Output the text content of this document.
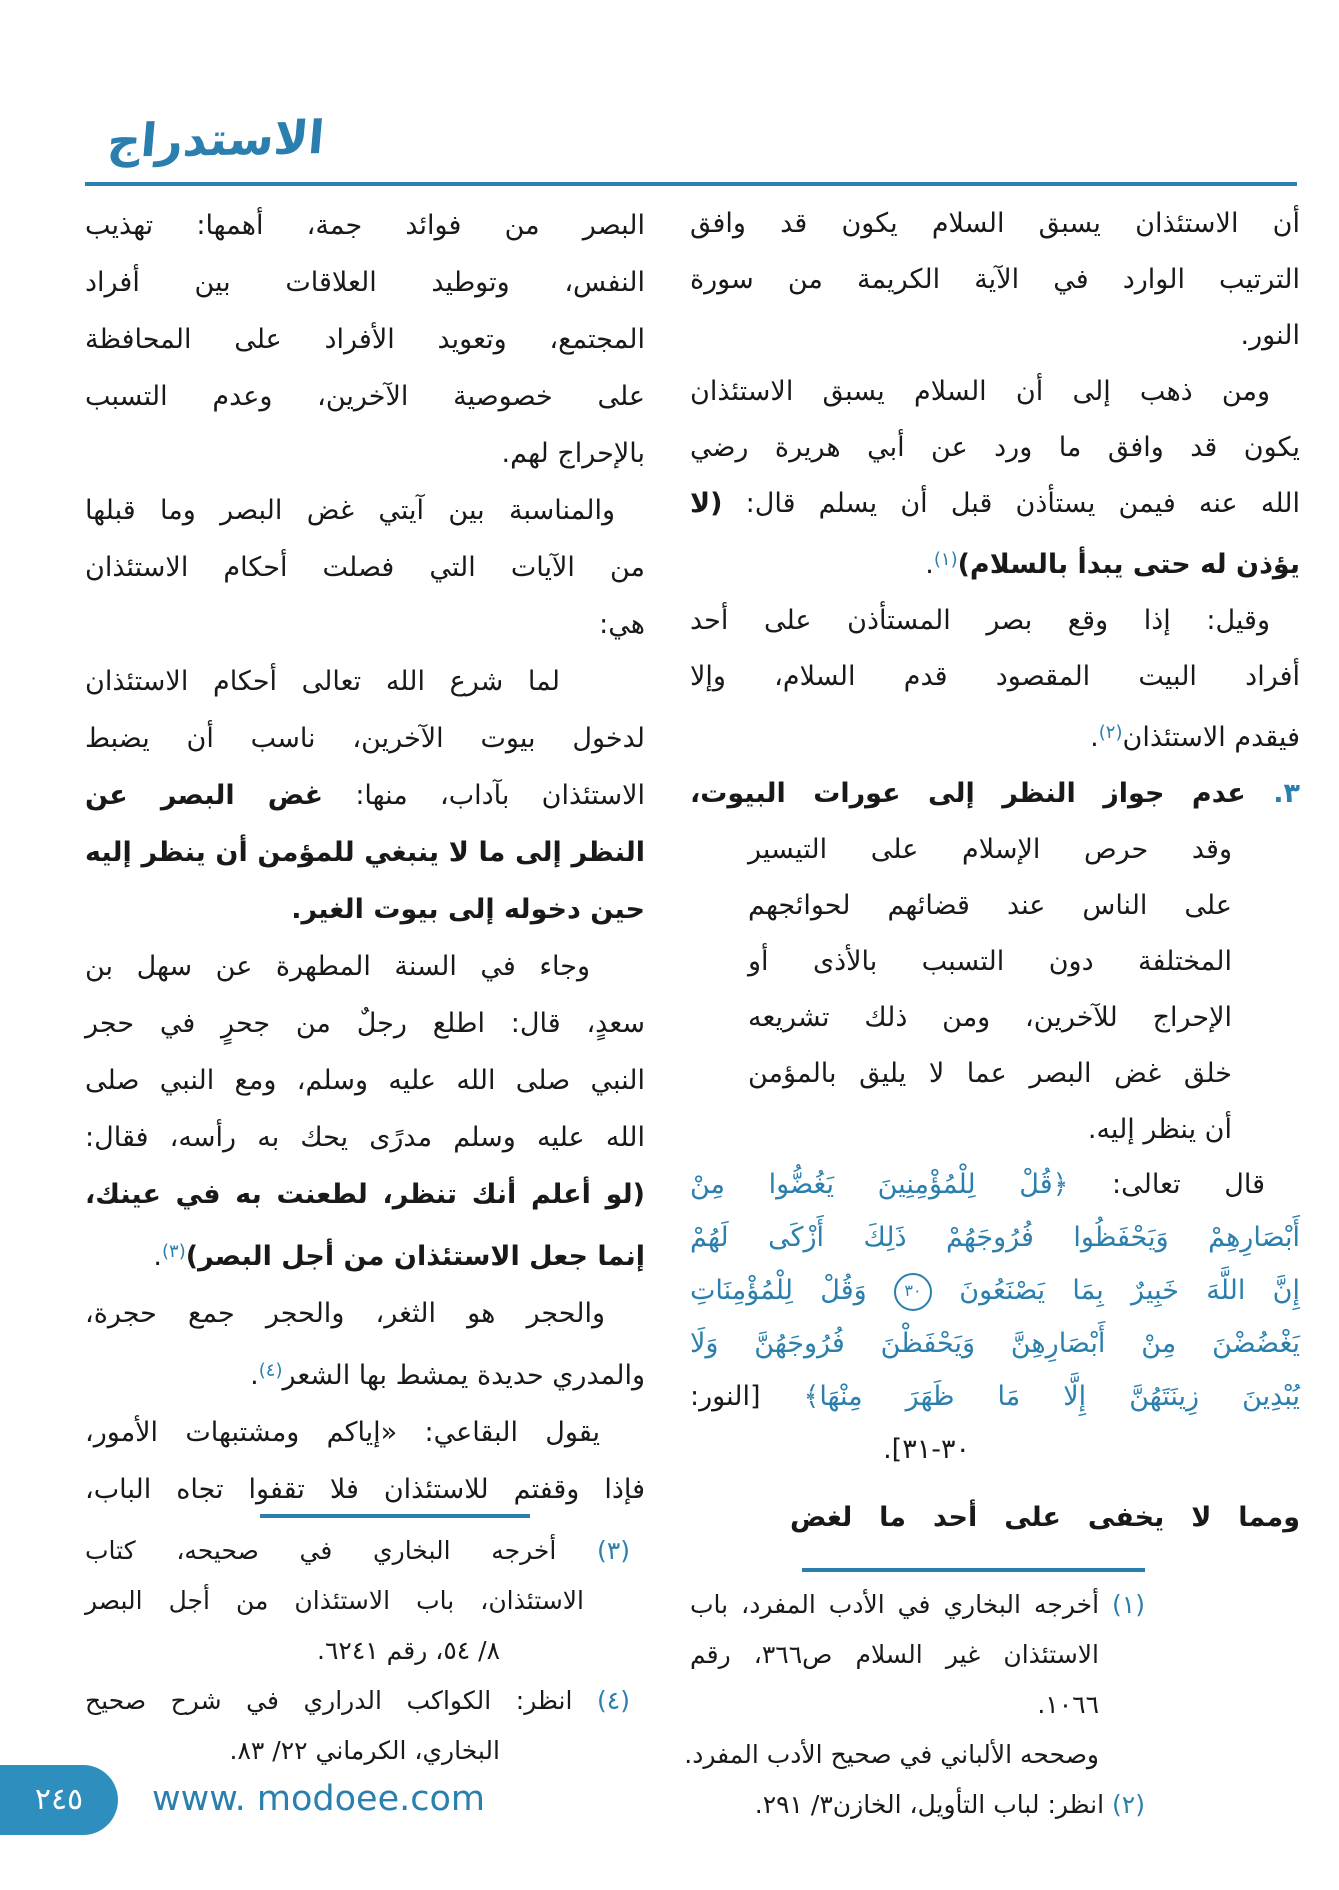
الاستدراج
أن الاستئذان يسبق السلام يكون قد وافق
الترتيب الوارد في الآية الكريمة من سورة
النور.
ومن ذهب إلى أن السلام يسبق الاستئذان
يكون قد وافق ما ورد عن أبي هريرة رضي
الله عنه فيمن يستأذن قبل أن يسلم قال: (لا
يؤذن له حتى يبدأ بالسلام)$^{(١)}$.
وقيل: إذا وقع بصر المستأذن على أحد
أفراد البيت المقصود قدم السلام، وإلا
فيقدم الاستئذان$^{(٢)}$.
٣. عدم جواز النظر إلى عورات البيوت،
وقد حرص الإسلام على التيسير
على الناس عند قضائهم لحوائجهم
المختلفة دون التسبب بالأذى أو
الإحراج للآخرين، ومن ذلك تشريعه
خلق غض البصر عما لا يليق بالمؤمن
أن ينظر إليه.
قال تعالى: ﴿قُلْ لِلْمُؤْمِنِينَ يَغُضُّوا مِنْ
أَبْصَارِهِمْ وَيَحْفَظُوا فُرُوجَهُمْ ذَلِكَ أَزْكَى لَهُمْ
إِنَّ اللَّهَ خَبِيرٌ بِمَا يَصْنَعُونَ ٣٠ وَقُلْ لِلْمُؤْمِنَاتِ
يَغْضُضْنَ مِنْ أَبْصَارِهِنَّ وَيَحْفَظْنَ فُرُوجَهُنَّ وَلَا
يُبْدِينَ زِينَتَهُنَّ إِلَّا مَا ظَهَرَ مِنْهَا﴾ [النور:
٣٠-٣١].
ومما لا يخفى على أحد ما لغض
البصر من فوائد جمة، أهمها: تهذيب
النفس، وتوطيد العلاقات بين أفراد
المجتمع، وتعويد الأفراد على المحافظة
على خصوصية الآخرين، وعدم التسبب
بالإحراج لهم.
والمناسبة بين آيتي غض البصر وما قبلها
من الآيات التي فصلت أحكام الاستئذان
هي:
لما شرع الله تعالى أحكام الاستئذان
لدخول بيوت الآخرين، ناسب أن يضبط
الاستئذان بآداب، منها: غض البصر عن
النظر إلى ما لا ينبغي للمؤمن أن ينظر إليه
حين دخوله إلى بيوت الغير.
وجاء في السنة المطهرة عن سهل بن
سعدٍ، قال: اطلع رجلٌ من جحرٍ في حجر
النبي صلى الله عليه وسلم، ومع النبي صلى
الله عليه وسلم مدرًى يحك به رأسه، فقال:
(لو أعلم أنك تنظر، لطعنت به في عينك،
إنما جعل الاستئذان من أجل البصر)$^{(٣)}$.
والحجر هو الثغر، والحجر جمع حجرة،
والمدري حديدة يمشط بها الشعر$^{(٤)}$.
يقول البقاعي: «إياكم ومشتبهات الأمور،
فإذا وقفتم للاستئذان فلا تقفوا تجاه الباب،
(١) أخرجه البخاري في الأدب المفرد، باب
الاستئذان غير السلام ص٣٦٦، رقم ١٠٦٦.
وصححه الألباني في صحيح الأدب المفرد.
(٢) انظر: لباب التأويل، الخازن٣/ ٢٩١.
(٣) أخرجه البخاري في صحيحه، كتاب
الاستئذان، باب الاستئذان من أجل البصر
٨/ ٥٤، رقم ٦٢٤١.
(٤) انظر: الكواكب الدراري في شرح صحيح
البخاري، الكرماني ٢٢/ ٨٣.
٢٤٥	www. modoee.com
